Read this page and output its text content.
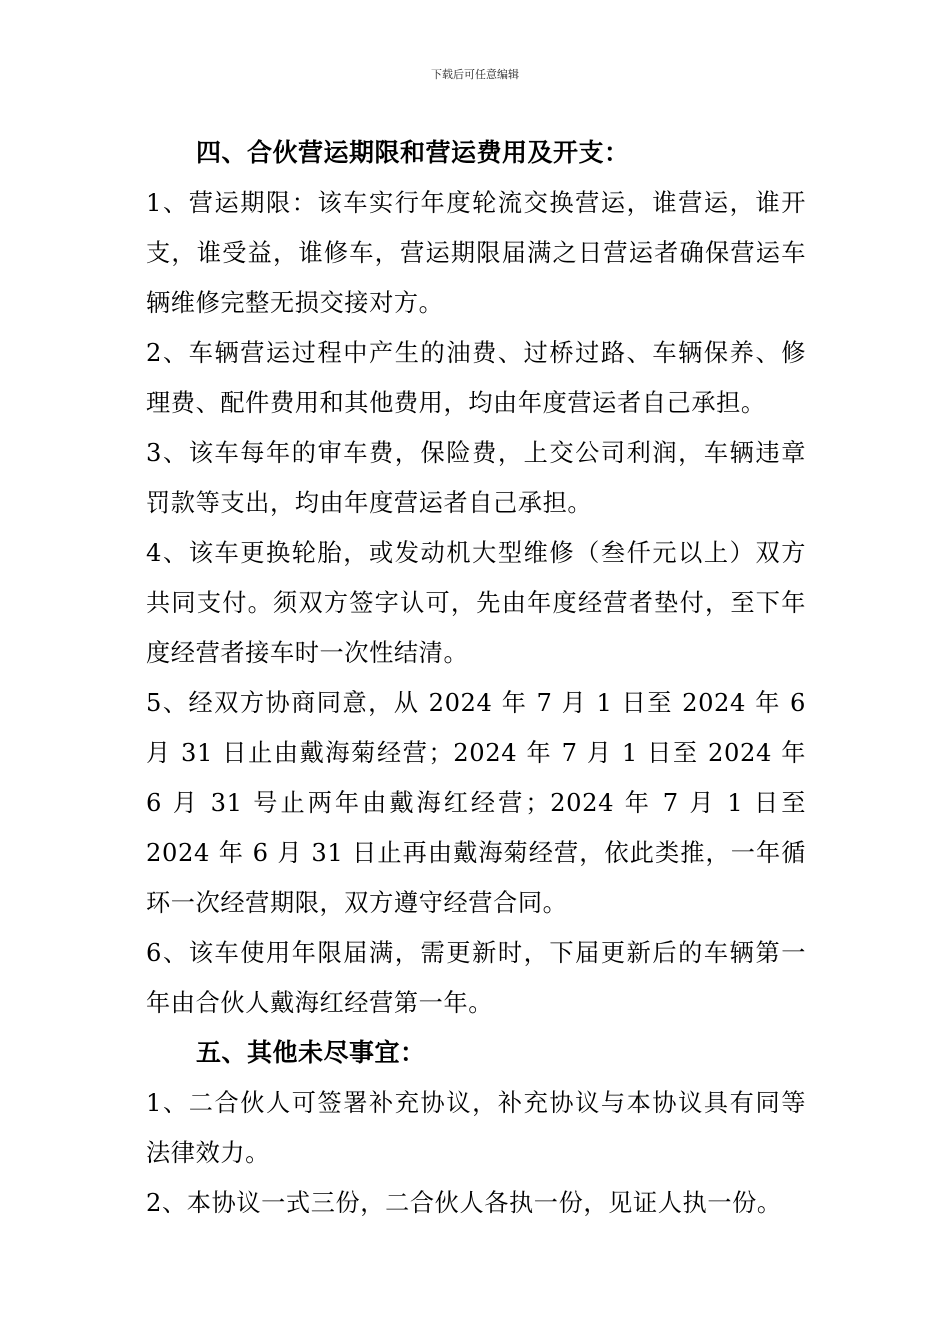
下载后可任意编辑
四、合伙营运期限和营运费用及开支：
1、营运期限：该车实行年度轮流交换营运，谁营运，谁开支，谁受益，谁修车，营运期限届满之日营运者确保营运车辆维修完整无损交接对方。
2、车辆营运过程中产生的油费、过桥过路、车辆保养、修理费、配件费用和其他费用，均由年度营运者自己承担。
3、该车每年的审车费，保险费，上交公司利润，车辆违章罚款等支出，均由年度营运者自己承担。
4、该车更换轮胎，或发动机大型维修（叁仟元以上）双方共同支付。须双方签字认可，先由年度经营者垫付，至下年度经营者接车时一次性结清。
5、经双方协商同意，从 2024 年 7 月 1 日至 2024 年 6 月 31 日止由戴海菊经营；2024 年 7 月 1 日至 2024 年 6 月 31 号止两年由戴海红经营；2024 年 7 月 1 日至 2024 年 6 月 31 日止再由戴海菊经营，依此类推，一年循环一次经营期限，双方遵守经营合同。
6、该车使用年限届满，需更新时，下届更新后的车辆第一年由合伙人戴海红经营第一年。
五、其他未尽事宜：
1、二合伙人可签署补充协议，补充协议与本协议具有同等法律效力。
2、本协议一式三份，二合伙人各执一份，见证人执一份。
